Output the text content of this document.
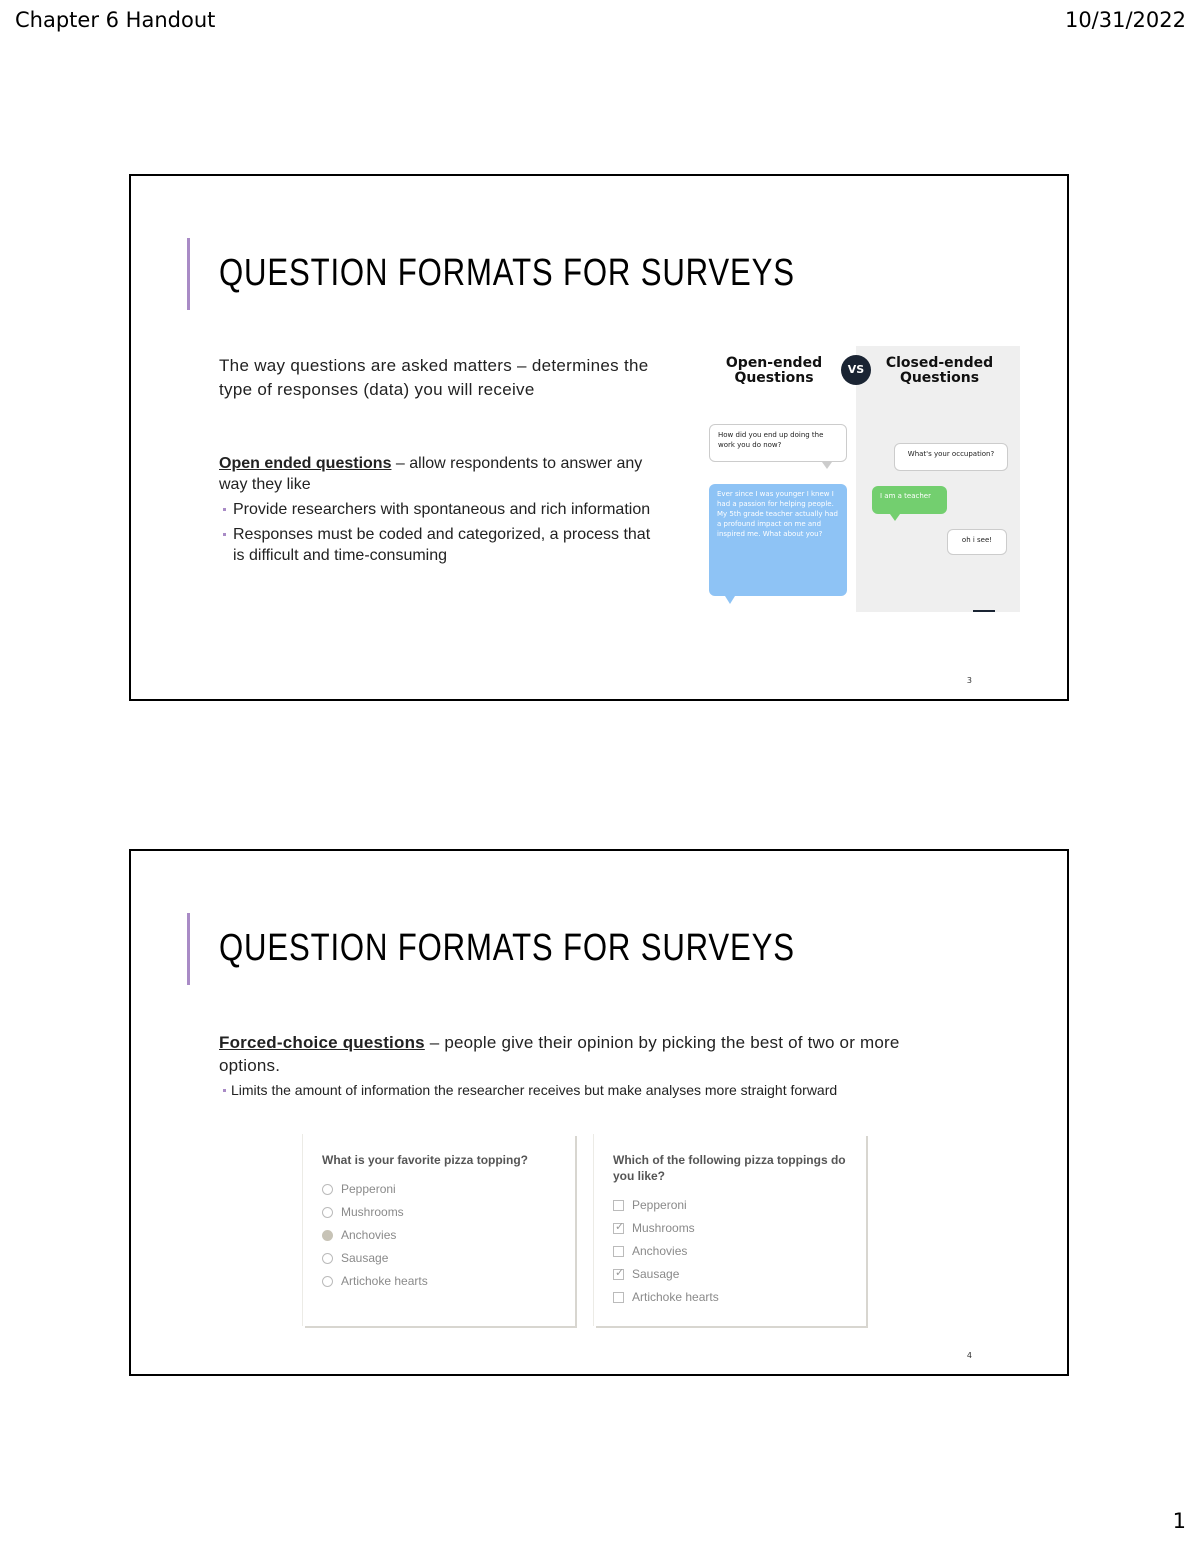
Chapter 6 Handout	10/31/2022
QUESTION FORMATS FOR SURVEYS
The way questions are asked matters – determines the type of responses (data) you will receive
Open ended questions – allow respondents to answer any way they like
Provide researchers with spontaneous and rich information
Responses must be coded and categorized, a process that is difficult and time-consuming
Open-ended Questions
Closed-ended Questions
VS
How did you end up doing the work you do now?
Ever since I was younger I knew I had a passion for helping people. My 5th grade teacher actually had a profound impact on me and inspired me. What about you?
What's your occupation?
I am a teacher
oh i see!
3
QUESTION FORMATS FOR SURVEYS
Forced-choice questions – people give their opinion by picking the best of two or more options.
Limits the amount of information the researcher receives but make analyses more straight forward
What is your favorite pizza topping?
Pepperoni
Mushrooms
Anchovies
Sausage
Artichoke hearts
Which of the following pizza toppings do you like?
Pepperoni
✓Mushrooms
Anchovies
✓Sausage
Artichoke hearts
4
1
